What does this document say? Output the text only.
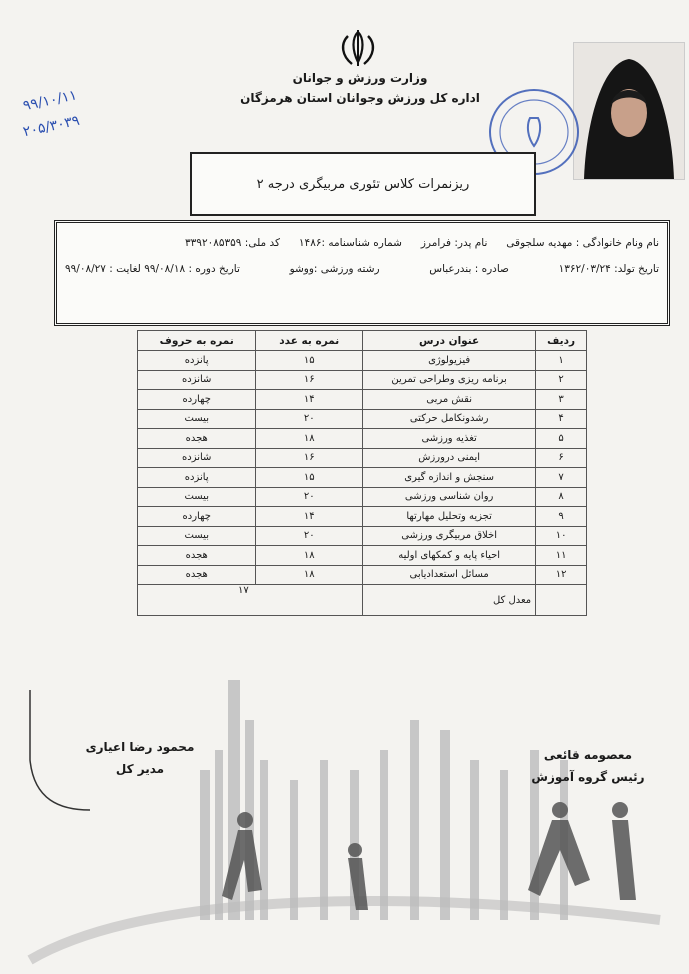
وزارت ورزش و جوانان
اداره کل ورزش وجوانان استان هرمزگان
۹۹/۱۰/۱۱
۲۰۵/۳۰۳۹
ریزنمرات کلاس تئوری مربیگری درجه ۲
نام ونام خانوادگی : مهدیه سلجوقی
نام پدر: فرامرز
شماره شناسنامه :۱۴۸۶
کد ملی: ۳۳۹۲۰۸۵۳۵۹
تاریخ تولد: ۱۳۶۲/۰۳/۲۴
صادره : بندرعباس
رشته ورزشی :ووشو
تاریخ دوره : ۹۹/۰۸/۱۸ لغایت : ۹۹/۰۸/۲۷
ردیف	عنوان درس	نمره به عدد	نمره به حروف
۱	فیزیولوژی	۱۵	پانزده
۲	برنامه ریزی وطراحی تمرین	۱۶	شانزده
۳	نقش مربی	۱۴	چهارده
۴	رشدونکامل حرکتی	۲۰	بیست
۵	تغذیه ورزشی	۱۸	هجده
۶	ایمنی درورزش	۱۶	شانزده
۷	سنجش و اندازه گیری	۱۵	پانزده
۸	روان شناسی ورزشی	۲۰	بیست
۹	تجزیه وتحلیل مهارتها	۱۴	چهارده
۱۰	اخلاق مربیگری ورزشی	۲۰	بیست
۱۱	احیاء پایه و کمکهای اولیه	۱۸	هجده
۱۲	مسائل استعدادیابی	۱۸	هجده
	معدل کل	۱۷	
محمود رضا اعیاری
مدیر کل
معصومه قائعی
رئیس گروه آموزش
